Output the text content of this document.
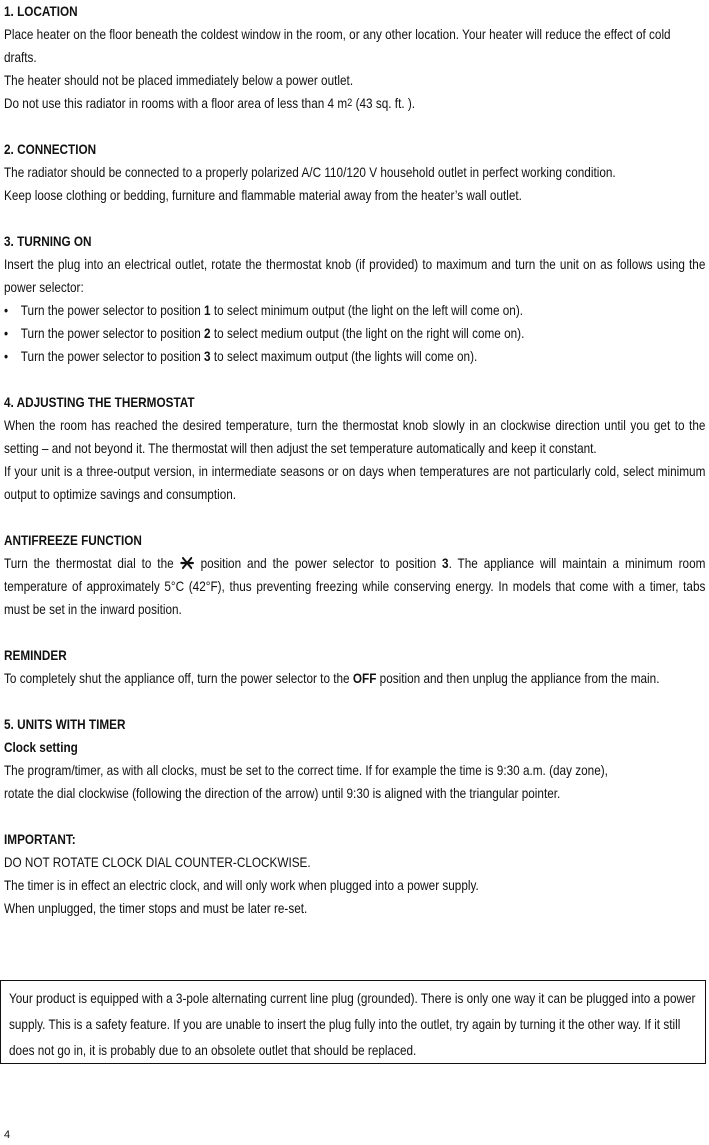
1. LOCATION

Place heater on the floor beneath the coldest window in the room, or any other location. Your heater will reduce the effect of cold drafts.

The heater should not be placed immediately below a power outlet.

Do not use this radiator in rooms with a floor area of less than 4 $m^2$ (43 sq. ft. ).

2. CONNECTION

The radiator should be connected to a properly polarized A/C 110/120 V household outlet in perfect working condition.

Keep loose clothing or bedding, furniture and flammable material away from the heater’s wall outlet.

3. TURNING ON

Insert the plug into an electrical outlet, rotate the thermostat knob (if provided) to maximum and turn the unit on as follows using the power selector:

• Turn the power selector to position 1 to select minimum output (the light on the left will come on).
• Turn the power selector to position 2 to select medium output (the light on the right will come on).
• Turn the power selector to position 3 to select maximum output (the lights will come on).

4. ADJUSTING THE THERMOSTAT

When the room has reached the desired temperature, turn the thermostat knob slowly in an clockwise direction until you get to the setting – and not beyond it. The thermostat will then adjust the set temperature automatically and keep it constant.

If your unit is a three-output version, in intermediate seasons or on days when temperatures are not particularly cold, select minimum output to optimize savings and consumption.

ANTIFREEZE FUNCTION

Turn the thermostat dial to the
position and the power selector to position 3. The appliance will maintain a minimum room temperature of approximately 5°C (42°F), thus preventing freezing while conserving energy. In models that come with a timer, tabs must be set in the inward position.

REMINDER

To completely shut the appliance off, turn the power selector to the OFF position and then unplug the appliance from the main.

5. UNITS WITH TIMER

Clock setting

The program/timer, as with all clocks, must be set to the correct time. If for example the time is 9:30 a.m. (day zone),

rotate the dial clockwise (following the direction of the arrow) until 9:30 is aligned with the triangular pointer.

IMPORTANT:

DO NOT ROTATE CLOCK DIAL COUNTER-CLOCKWISE.

The timer is in effect an electric clock, and will only work when plugged into a power supply.

When unplugged, the timer stops and must be later re-set.

Your product is equipped with a 3-pole alternating current line plug (grounded). There is only one way it can be plugged into a power supply. This is a safety feature. If you are unable to insert the plug fully into the outlet, try again by turning it the other way. If it still does not go in, it is probably due to an obsolete outlet that should be replaced.
4
